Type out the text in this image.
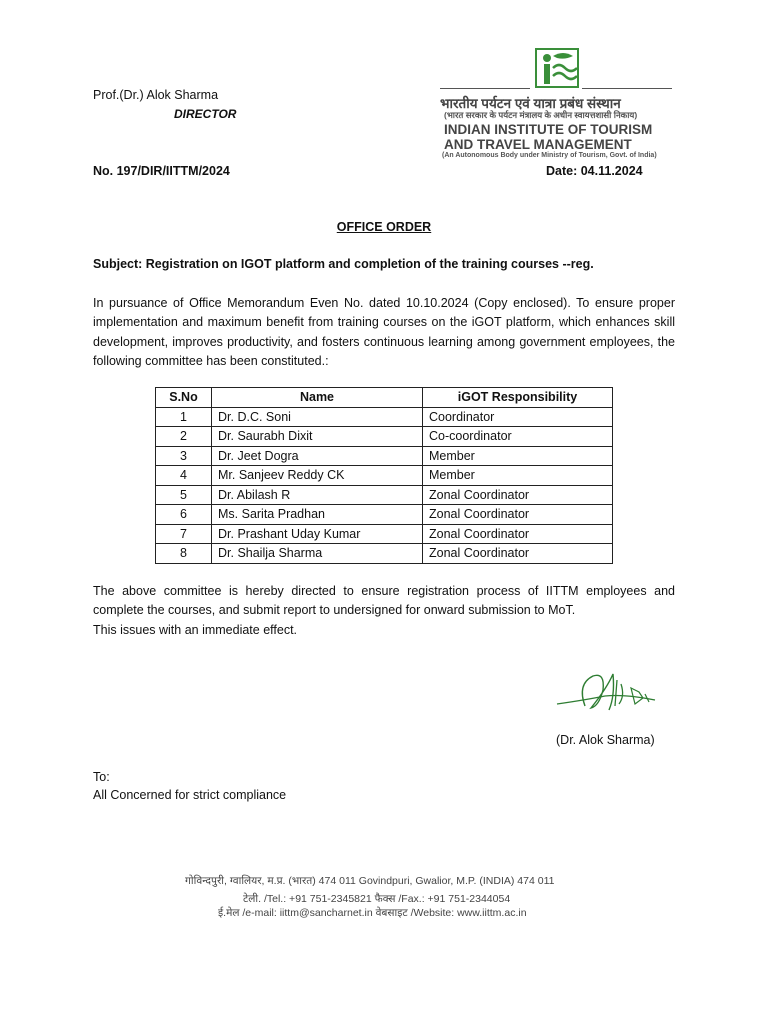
Prof.(Dr.) Alok Sharma
DIRECTOR
भारतीय पर्यटन एवं यात्रा प्रबंध संस्थान
(भारत सरकार के पर्यटन मंत्रालय के अधीन स्वायत्तशासी निकाय)
INDIAN INSTITUTE OF TOURISM
AND TRAVEL MANAGEMENT
(An Autonomous Body under Ministry of Tourism, Govt. of India)
No. 197/DIR/IITTM/2024	Date: 04.11.2024
OFFICE ORDER
Subject: Registration on IGOT platform and completion of the training courses --reg.
In pursuance of Office Memorandum Even No. dated 10.10.2024 (Copy enclosed). To ensure proper implementation and maximum benefit from training courses on the iGOT platform, which enhances skill development, improves productivity, and fosters continuous learning among government employees, the following committee has been constituted.:
S.No	Name	iGOT Responsibility
1	Dr. D.C. Soni	Coordinator
2	Dr. Saurabh Dixit	Co-coordinator
3	Dr. Jeet Dogra	Member
4	Mr. Sanjeev Reddy CK	Member
5	Dr. Abilash R	Zonal Coordinator
6	Ms. Sarita Pradhan	Zonal Coordinator
7	Dr. Prashant Uday Kumar	Zonal Coordinator
8	Dr. Shailja Sharma	Zonal Coordinator
The above committee is hereby directed to ensure registration process of IITTM employees and complete the courses, and submit report to undersigned for onward submission to MoT.
This issues with an immediate effect.
(Dr. Alok Sharma)
To:
All Concerned for strict compliance
गोविन्दपुरी, ग्वालियर, म.प्र. (भारत) 474 011 Govindpuri, Gwalior, M.P. (INDIA) 474 011
टेली. /Tel.: +91 751-2345821 फैक्स /Fax.: +91 751-2344054
ई.मेल /e-mail: iittm@sancharnet.in वेबसाइट /Website: www.iittm.ac.in
